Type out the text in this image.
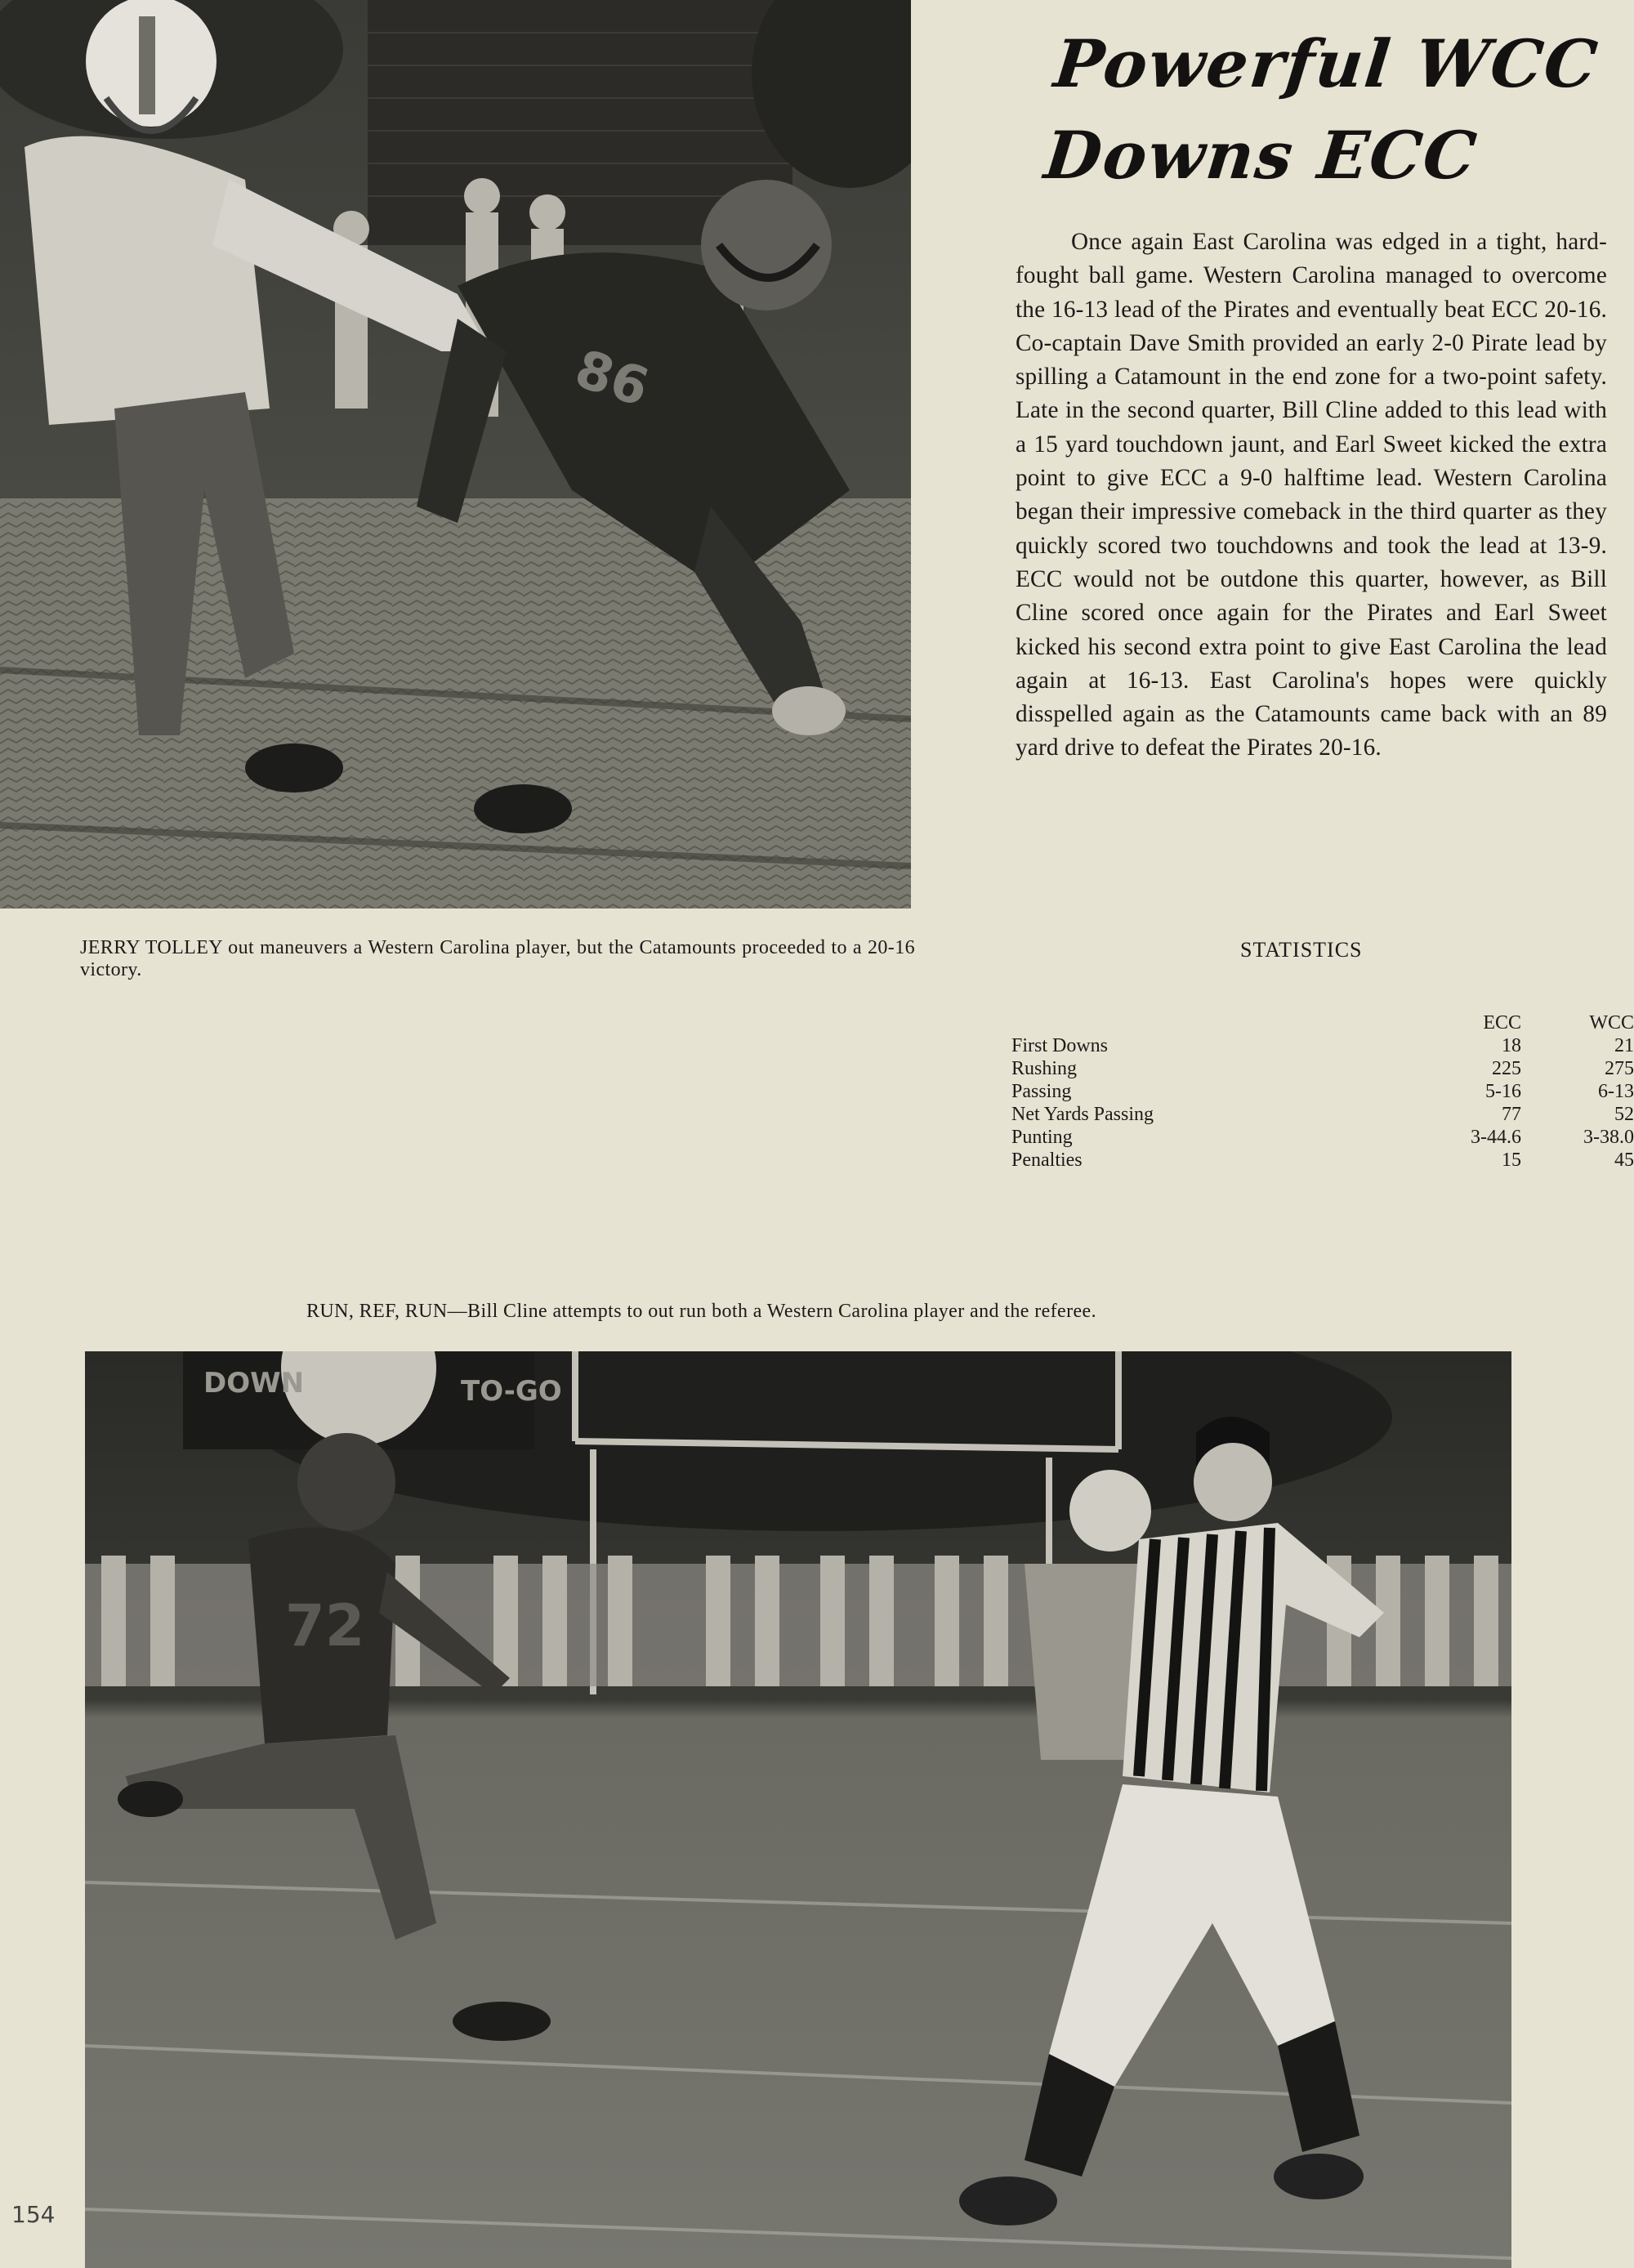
86
Powerful WCC
Downs ECC
Once again East Carolina was edged in a tight, hard-fought ball game. Western Carolina managed to overcome the 16-13 lead of the Pirates and eventually beat ECC 20-16. Co-captain Dave Smith provided an early 2-0 Pirate lead by spilling a Catamount in the end zone for a two-point safety. Late in the second quarter, Bill Cline added to this lead with a 15 yard touchdown jaunt, and Earl Sweet kicked the extra point to give ECC a 9-0 halftime lead. Western Carolina began their impressive comeback in the third quarter as they quickly scored two touchdowns and took the lead at 13-9. ECC would not be outdone this quarter, however, as Bill Cline scored once again for the Pirates and Earl Sweet kicked his second extra point to give East Carolina the lead again at 16-13. East Carolina's hopes were quickly disspelled again as the Catamounts came back with an 89 yard drive to defeat the Pirates 20-16.
JERRY TOLLEY out maneuvers a Western Carolina player, but the Catamounts proceeded to a 20-16 victory.
STATISTICS
	ECC	WCC
First Downs	18	21
Rushing	225	275
Passing	5-16	6-13
Net Yards Passing	77	52
Punting	3-44.6	3-38.0
Penalties	15	45
RUN, REF, RUN—Bill Cline attempts to out run both a Western Carolina player and the referee.
DOWN	TO-GO
72
154
